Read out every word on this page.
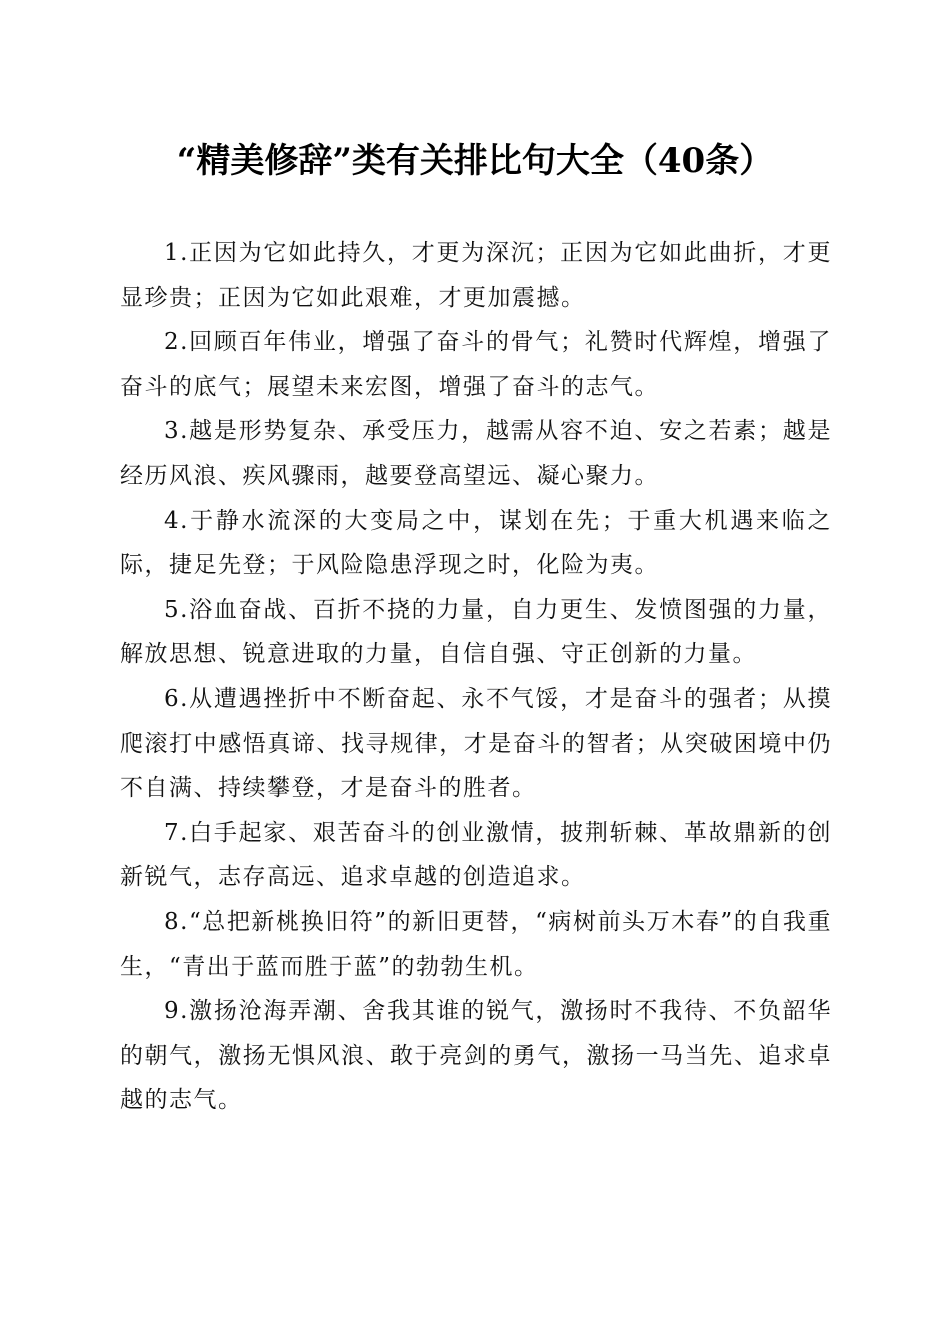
“精美修辞”类有关排比句大全（40条）

1.正因为它如此持久，才更为深沉；正因为它如此曲折，才更显珍贵；正因为它如此艰难，才更加震撼。

2.回顾百年伟业，增强了奋斗的骨气；礼赞时代辉煌，增强了奋斗的底气；展望未来宏图，增强了奋斗的志气。

3.越是形势复杂、承受压力，越需从容不迫、安之若素；越是经历风浪、疾风骤雨，越要登高望远、凝心聚力。

4.于静水流深的大变局之中，谋划在先；于重大机遇来临之际，捷足先登；于风险隐患浮现之时，化险为夷。

5.浴血奋战、百折不挠的力量，自力更生、发愤图强的力量，解放思想、锐意进取的力量，自信自强、守正创新的力量。

6.从遭遇挫折中不断奋起、永不气馁，才是奋斗的强者；从摸爬滚打中感悟真谛、找寻规律，才是奋斗的智者；从突破困境中仍不自满、持续攀登，才是奋斗的胜者。

7.白手起家、艰苦奋斗的创业激情，披荆斩棘、革故鼎新的创新锐气，志存高远、追求卓越的创造追求。

8.“总把新桃换旧符”的新旧更替，“病树前头万木春”的自我重生，“青出于蓝而胜于蓝”的勃勃生机。

9.激扬沧海弄潮、舍我其谁的锐气，激扬时不我待、不负韶华的朝气，激扬无惧风浪、敢于亮剑的勇气，激扬一马当先、追求卓越的志气。
